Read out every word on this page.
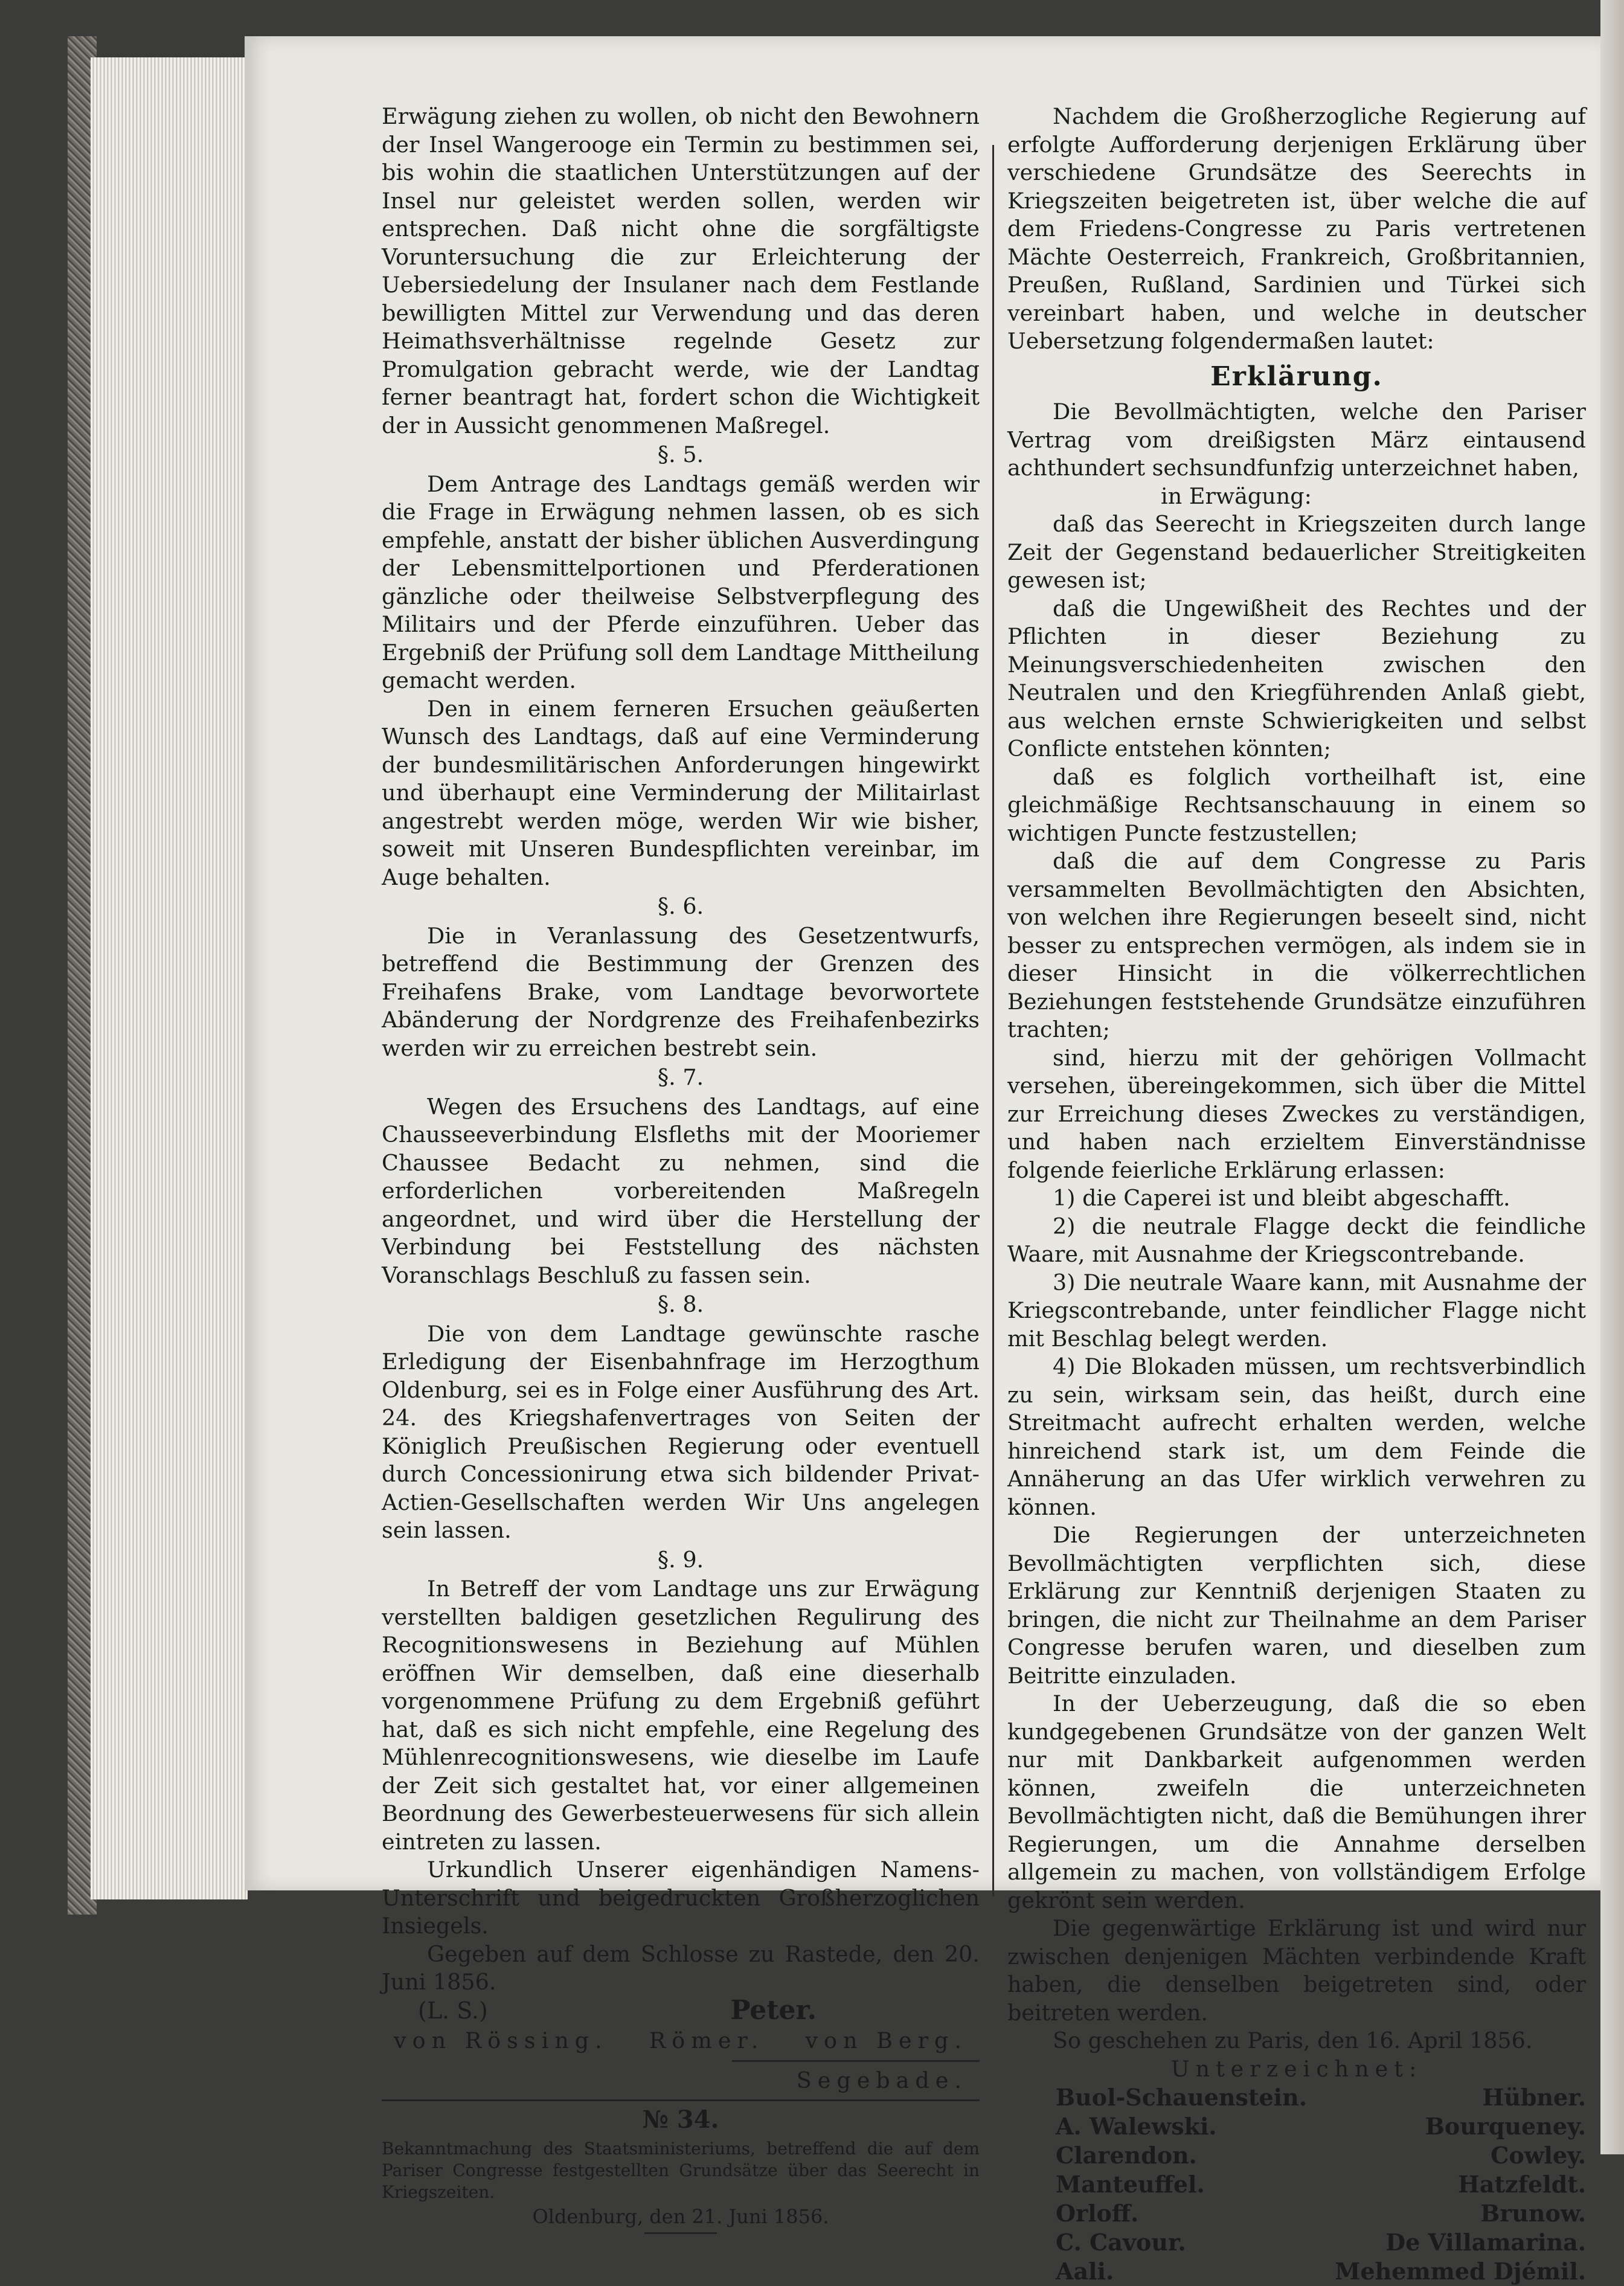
Erwägung ziehen zu wollen, ob nicht den Bewohnern der Insel Wangerooge ein Termin zu bestimmen sei, bis wohin die staatlichen Unterstützungen auf der Insel nur geleistet werden sollen, werden wir entsprechen. Daß nicht ohne die sorgfältigste Voruntersuchung die zur Erleichterung der Uebersiedelung der Insulaner nach dem Festlande bewilligten Mittel zur Verwendung und das deren Heimathsverhältnisse regelnde Gesetz zur Promulgation gebracht werde, wie der Landtag ferner beantragt hat, fordert schon die Wichtigkeit der in Aussicht genommenen Maßregel.

§. 5.

Dem Antrage des Landtags gemäß werden wir die Frage in Erwägung nehmen lassen, ob es sich empfehle, anstatt der bisher üblichen Ausverdingung der Lebensmittelportionen und Pferderationen gänzliche oder theilweise Selbstverpflegung des Militairs und der Pferde einzuführen. Ueber das Ergebniß der Prüfung soll dem Landtage Mittheilung gemacht werden.

Den in einem ferneren Ersuchen geäußerten Wunsch des Landtags, daß auf eine Verminderung der bundesmilitärischen Anforderungen hingewirkt und überhaupt eine Verminderung der Militairlast angestrebt werden möge, werden Wir wie bisher, soweit mit Unseren Bundespflichten vereinbar, im Auge behalten.

§. 6.

Die in Veranlassung des Gesetzentwurfs, betreffend die Bestimmung der Grenzen des Freihafens Brake, vom Landtage bevorwortete Abänderung der Nordgrenze des Freihafenbezirks werden wir zu erreichen bestrebt sein.

§. 7.

Wegen des Ersuchens des Landtags, auf eine Chausseeverbindung Elsfleths mit der Mooriemer Chaussee Bedacht zu nehmen, sind die erforderlichen vorbereitenden Maßregeln angeordnet, und wird über die Herstellung der Verbindung bei Feststellung des nächsten Voranschlags Beschluß zu fassen sein.

§. 8.

Die von dem Landtage gewünschte rasche Erledigung der Eisenbahnfrage im Herzogthum Oldenburg, sei es in Folge einer Ausführung des Art. 24. des Kriegshafenvertrages von Seiten der Königlich Preußischen Regierung oder eventuell durch Concessionirung etwa sich bildender Privat-Actien-Gesellschaften werden Wir Uns angelegen sein lassen.

§. 9.

In Betreff der vom Landtage uns zur Erwägung verstellten baldigen gesetzlichen Regulirung des Recognitionswesens in Beziehung auf Mühlen eröffnen Wir demselben, daß eine dieserhalb vorgenommene Prüfung zu dem Ergebniß geführt hat, daß es sich nicht empfehle, eine Regelung des Mühlenrecognitionswesens, wie dieselbe im Laufe der Zeit sich gestaltet hat, vor einer allgemeinen Beordnung des Gewerbesteuerwesens für sich allein eintreten zu lassen.

Urkundlich Unserer eigenhändigen Namens-Unterschrift und beigedruckten Großherzoglichen Insiegels.

Gegeben auf dem Schlosse zu Rastede, den 20. Juni 1856.

(L. S.)	Peter.
von Rössing. Römer. von Berg.

Segebade.

№ 34.

Bekanntmachung des Staatsministeriums, betreffend die auf dem Pariser Congresse festgestellten Grundsätze über das Seerecht in Kriegszeiten.

Oldenburg, den 21. Juni 1856.

Nachdem die Großherzogliche Regierung auf erfolgte Aufforderung derjenigen Erklärung über verschiedene Grundsätze des Seerechts in Kriegszeiten beigetreten ist, über welche die auf dem Friedens-Congresse zu Paris vertretenen Mächte Oesterreich, Frankreich, Großbritannien, Preußen, Rußland, Sardinien und Türkei sich vereinbart haben, und welche in deutscher Uebersetzung folgendermaßen lautet:

Erklärung.

Die Bevollmächtigten, welche den Pariser Vertrag vom dreißigsten März eintausend achthundert sechsundfunfzig unterzeichnet haben,

in Erwägung:

daß das Seerecht in Kriegszeiten durch lange Zeit der Gegenstand bedauerlicher Streitigkeiten gewesen ist;

daß die Ungewißheit des Rechtes und der Pflichten in dieser Beziehung zu Meinungsverschiedenheiten zwischen den Neutralen und den Kriegführenden Anlaß giebt, aus welchen ernste Schwierigkeiten und selbst Conflicte entstehen könnten;

daß es folglich vortheilhaft ist, eine gleichmäßige Rechtsanschauung in einem so wichtigen Puncte festzustellen;

daß die auf dem Congresse zu Paris versammelten Bevollmächtigten den Absichten, von welchen ihre Regierungen beseelt sind, nicht besser zu entsprechen vermögen, als indem sie in dieser Hinsicht in die völkerrechtlichen Beziehungen feststehende Grundsätze einzuführen trachten;

sind, hierzu mit der gehörigen Vollmacht versehen, übereingekommen, sich über die Mittel zur Erreichung dieses Zweckes zu verständigen, und haben nach erzieltem Einverständnisse folgende feierliche Erklärung erlassen:

1) die Caperei ist und bleibt abgeschafft.

2) die neutrale Flagge deckt die feindliche Waare, mit Ausnahme der Kriegscontrebande.

3) Die neutrale Waare kann, mit Ausnahme der Kriegscontrebande, unter feindlicher Flagge nicht mit Beschlag belegt werden.

4) Die Blokaden müssen, um rechtsverbindlich zu sein, wirksam sein, das heißt, durch eine Streitmacht aufrecht erhalten werden, welche hinreichend stark ist, um dem Feinde die Annäherung an das Ufer wirklich verwehren zu können.

Die Regierungen der unterzeichneten Bevollmächtigten verpflichten sich, diese Erklärung zur Kenntniß derjenigen Staaten zu bringen, die nicht zur Theilnahme an dem Pariser Congresse berufen waren, und dieselben zum Beitritte einzuladen.

In der Ueberzeugung, daß die so eben kundgegebenen Grundsätze von der ganzen Welt nur mit Dankbarkeit aufgenommen werden können, zweifeln die unterzeichneten Bevollmächtigten nicht, daß die Bemühungen ihrer Regierungen, um die Annahme derselben allgemein zu machen, von vollständigem Erfolge gekrönt sein werden.

Die gegenwärtige Erklärung ist und wird nur zwischen denjenigen Mächten verbindende Kraft haben, die denselben beigetreten sind, oder beitreten werden.

So geschehen zu Paris, den 16. April 1856.

Unterzeichnet:

Buol-Schauenstein.	Hübner.
A. Walewski.	Bourqueney.
Clarendon.	Cowley.
Manteuffel.	Hatzfeldt.
Orloff.	Brunow.
C. Cavour.	De Villamarina.
Aali.	Mehemmed Djémil.
